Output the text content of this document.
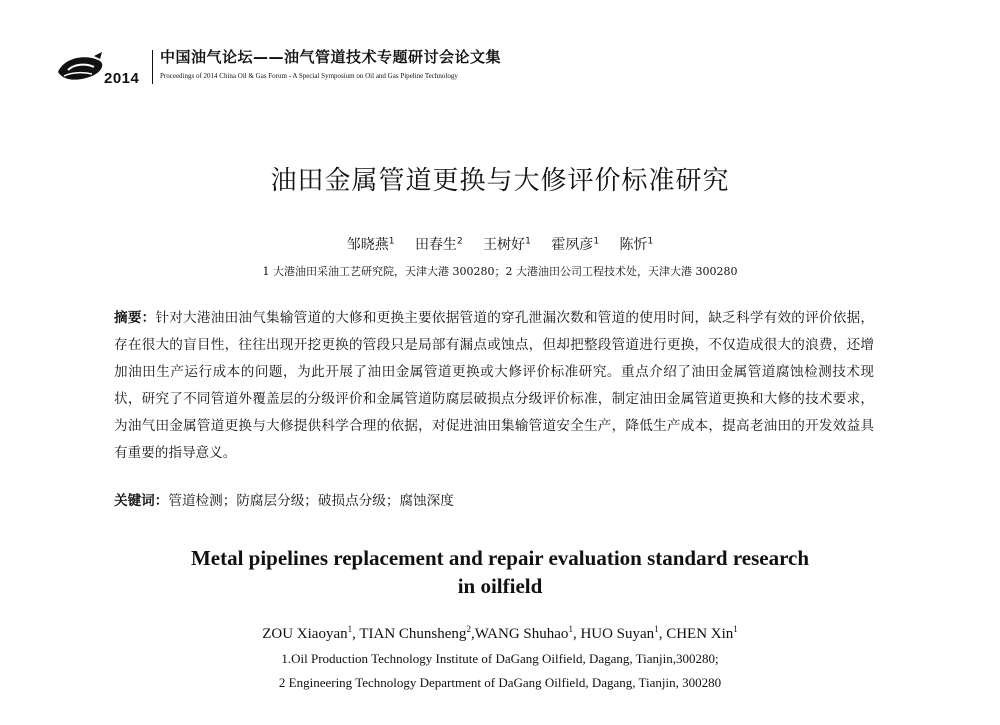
2014
中国油气论坛——油气管道技术专题研讨会论文集
Proceedings of 2014 China Oil & Gas Forum - A Special Symposium on Oil and Gas Pipeline Technology
油田金属管道更换与大修评价标准研究
邹晓燕$^1$ 田春生$^2$ 王树好$^1$ 霍夙彦$^1$ 陈忻$^1$
1 大港油田采油工艺研究院，天津大港 300280；2 大港油田公司工程技术处，天津大港 300280
摘要：针对大港油田油气集输管道的大修和更换主要依据管道的穿孔泄漏次数和管道的使用时间，缺乏科学有效的评价依据，存在很大的盲目性，往往出现开挖更换的管段只是局部有漏点或蚀点，但却把整段管道进行更换，不仅造成很大的浪费，还增加油田生产运行成本的问题，为此开展了油田金属管道更换或大修评价标准研究。重点介绍了油田金属管道腐蚀检测技术现状，研究了不同管道外覆盖层的分级评价和金属管道防腐层破损点分级评价标准，制定油田金属管道更换和大修的技术要求，为油气田金属管道更换与大修提供科学合理的依据，对促进油田集输管道安全生产，降低生产成本，提高老油田的开发效益具有重要的指导意义。
关键词：管道检测；防腐层分级；破损点分级；腐蚀深度
Metal pipelines replacement and repair evaluation standard research
in oilfield
ZOU Xiaoyan$^1$, TIAN Chunsheng$^2$,WANG Shuhao$^1$, HUO Suyan$^1$, CHEN Xin$^1$
1.Oil Production Technology Institute of DaGang Oilfield, Dagang, Tianjin,300280;
2 Engineering Technology Department of DaGang Oilfield, Dagang, Tianjin, 300280
